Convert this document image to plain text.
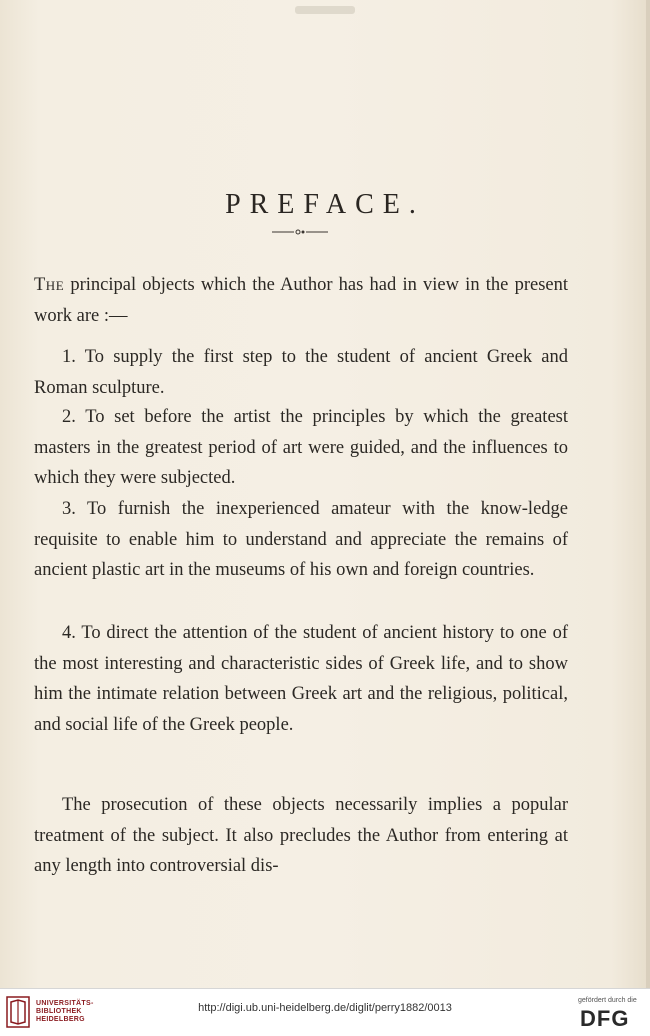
PREFACE.

The principal objects which the Author has had in view in the present work are :—

1. To supply the first step to the student of ancient Greek and Roman sculpture.

2. To set before the artist the principles by which the greatest masters in the greatest period of art were guided, and the influences to which they were subjected.

3. To furnish the inexperienced amateur with the know-ledge requisite to enable him to understand and appreciate the remains of ancient plastic art in the museums of his own and foreign countries.

4. To direct the attention of the student of ancient history to one of the most interesting and characteristic sides of Greek life, and to show him the intimate relation between Greek art and the religious, political, and social life of the Greek people.

The prosecution of these objects necessarily implies a popular treatment of the subject. It also precludes the Author from entering at any length into controversial dis-

UNIVERSITÄTS-
BIBLIOTHEK
HEIDELBERG
http://digi.ub.uni-heidelberg.de/diglit/perry1882/0013
gefördert durch die
DFG
